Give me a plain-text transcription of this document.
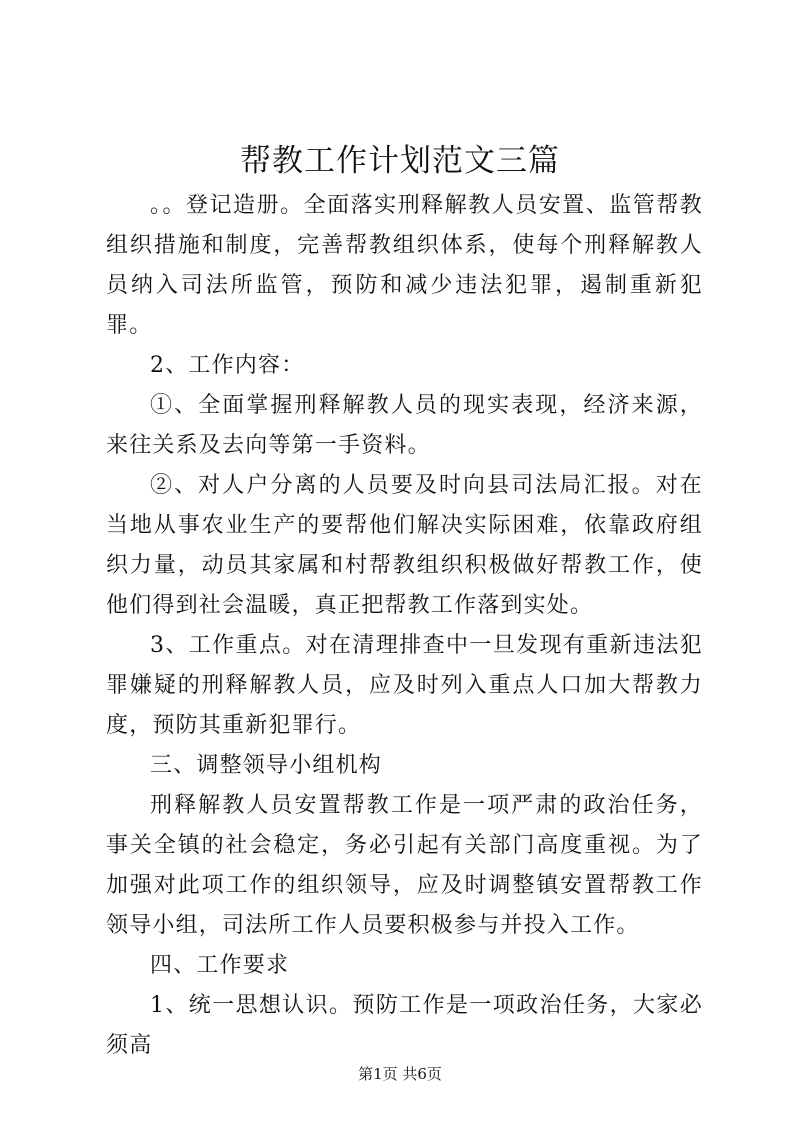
帮教工作计划范文三篇

。。登记造册。全面落实刑释解教人员安置、监管帮教组织措施和制度，完善帮教组织体系，使每个刑释解教人员纳入司法所监管，预防和减少违法犯罪，遏制重新犯罪。

2、工作内容：

①、全面掌握刑释解教人员的现实表现，经济来源，来往关系及去向等第一手资料。

②、对人户分离的人员要及时向县司法局汇报。对在当地从事农业生产的要帮他们解决实际困难，依靠政府组织力量，动员其家属和村帮教组织积极做好帮教工作，使他们得到社会温暖，真正把帮教工作落到实处。

3、工作重点。对在清理排查中一旦发现有重新违法犯罪嫌疑的刑释解教人员，应及时列入重点人口加大帮教力度，预防其重新犯罪行。

三、调整领导小组机构

刑释解教人员安置帮教工作是一项严肃的政治任务，事关全镇的社会稳定，务必引起有关部门高度重视。为了加强对此项工作的组织领导，应及时调整镇安置帮教工作领导小组，司法所工作人员要积极参与并投入工作。

四、工作要求

1、统一思想认识。预防工作是一项政治任务，大家必须高

第1页 共6页
